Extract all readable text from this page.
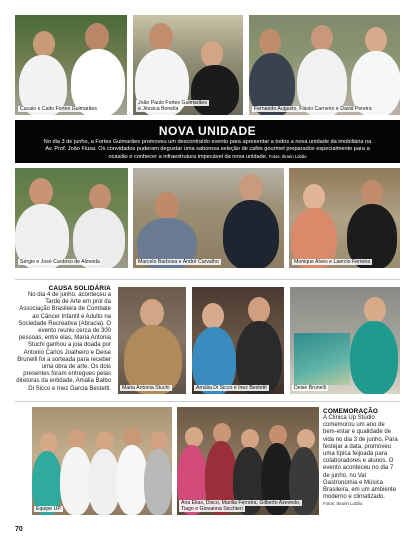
Cacaio e Caito Fortes Guimarães
João Paulo Fortes Guimarães
e Jéssica Bonella	Fernando Augusto, Flávio Carneiro e David Pereira
NOVA UNIDADE
No dia 3 de junho, a Fortes Guimarães promoveu um descontraído evento para apresentar a todos a nova unidade da imobiliária na Av. Prof. João Fiusa. Os convidados puderam degustar uma saborosa seleção de cafés gourmet preparados especialmente para a ocasião e conhecer a infraestrutura impecável da nova unidade. Fotos: Ibrarin Lobão
Sérgio e José Cardoso de Almeida	Marcelo Barbosa e André Carvalho	Monique Alves e Laercio Ferreira
CAUSA SOLIDÁRIA
No dia 4 de junho, aconteceu a Tarde de Arte em prol da Associação Brasileira de Combate ao Câncer Infantil e Adulto na Sociedade Recreativa (Abracia). O evento reuniu cerca de 300 pessoas, entre elas, Maria Antonia Stuchi ganhou a joia doada por Antonio Carlos Joalheiro e Deise Brunelli foi a sorteada para receber uma obra de arte. Os dois presentes foram entregues pelas diretoras da entidade, Amália Balbo Di Sicco e Inez Garcia Bestetti.	Maria Antonia Stuchi	Amália Di Sicco e Inez Bestetti	Deise Brunelli
Equipe UP
Ana Elias, Disco, Marilia Ferreira, Gilberto Azevedo,
Tiago e Giovanna Sicchieri
COMEMORAÇÃO
A Clínica Up Studio comemorou um ano de bem-estar e qualidade de vida no dia 3 de junho. Para festejar a data, promoveu uma típica feijoada para colaboradores e alunos. O evento aconteceu no dia 7 de junho, no Val Gastronomia e Música Brasileira, em um ambiente moderno e climatizado.
Fotos: Ibrarin Lobão
70
